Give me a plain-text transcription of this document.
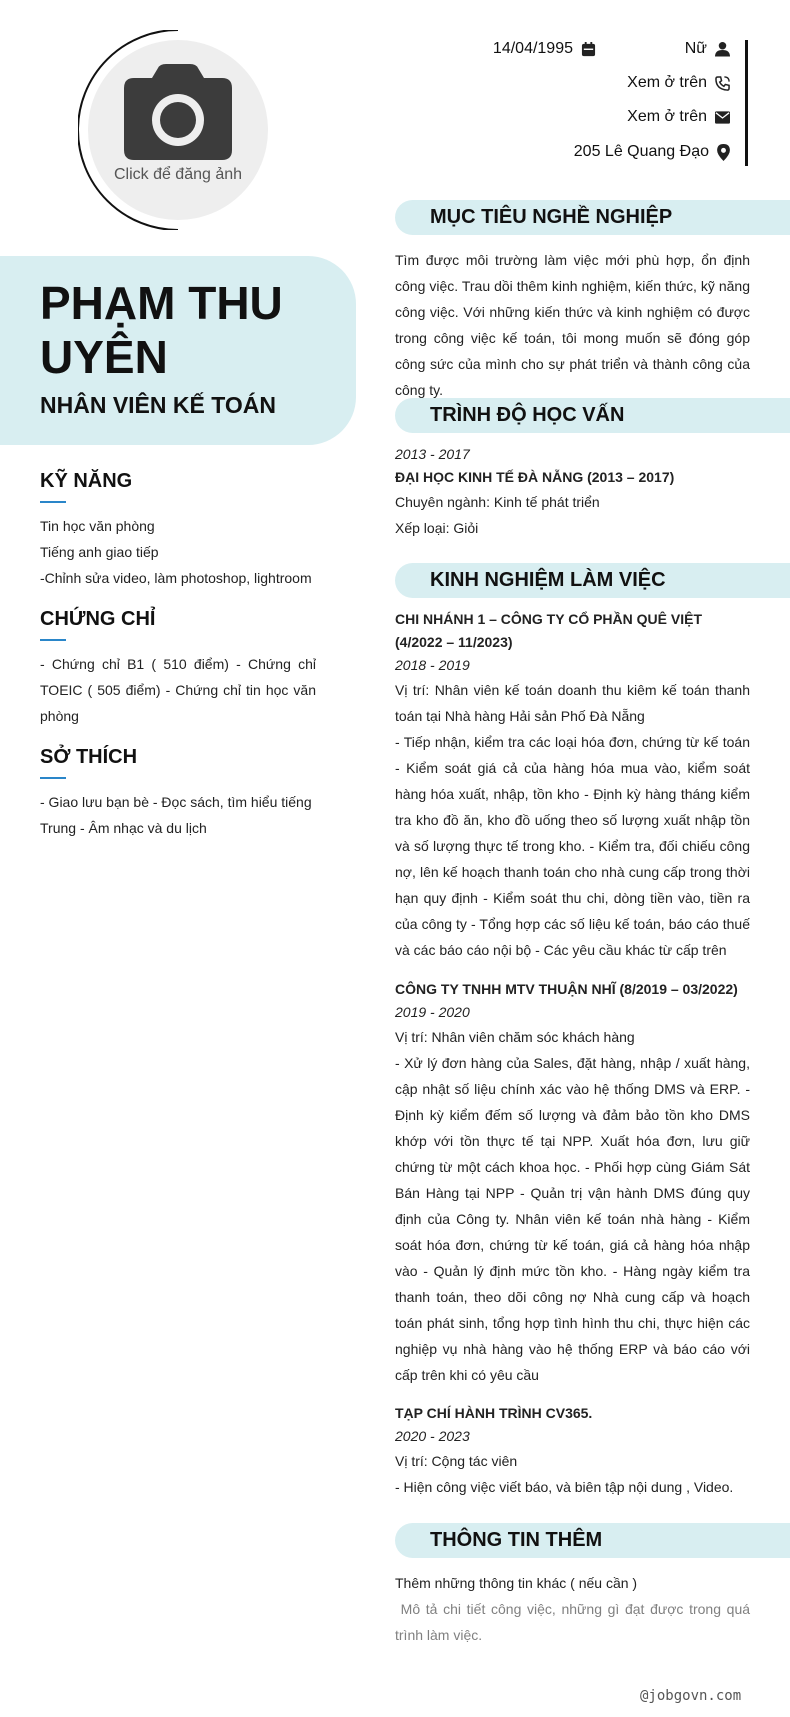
Click để đăng ảnh
PHẠM THU UYÊN
NHÂN VIÊN KẾ TOÁN
KỸ NĂNG
Tin học văn phòng
Tiếng anh giao tiếp
-Chỉnh sửa video, làm photoshop, lightroom
CHỨNG CHỈ
- Chứng chỉ B1 ( 510 điểm) - Chứng chỉ TOEIC ( 505 điểm) - Chứng chỉ tin học văn phòng
SỞ THÍCH
- Giao lưu bạn bè - Đọc sách, tìm hiểu tiếng Trung - Âm nhạc và du lịch
14/04/1995	Nữ
Xem ở trên
Xem ở trên
205 Lê Quang Đạo
MỤC TIÊU NGHỀ NGHIỆP
Tìm được môi trường làm việc mới phù hợp, ổn định công việc. Trau dồi thêm kinh nghiệm, kiến thức, kỹ năng công việc. Với những kiến thức và kinh nghiệm có được trong công việc kế toán, tôi mong muốn sẽ đóng góp công sức của mình cho sự phát triển và thành công của công ty.
TRÌNH ĐỘ HỌC VẤN
2013 - 2017
ĐẠI HỌC KINH TẾ ĐÀ NẴNG (2013 – 2017)
Chuyên ngành: Kinh tế phát triển
Xếp loại: Giỏi
KINH NGHIỆM LÀM VIỆC
CHI NHÁNH 1 – CÔNG TY CỔ PHẦN QUÊ VIỆT (4/2022 – 11/2023)
2018 - 2019
Vị trí: Nhân viên kế toán doanh thu kiêm kế toán thanh toán tại Nhà hàng Hải sản Phố Đà Nẵng
- Tiếp nhận, kiểm tra các loại hóa đơn, chứng từ kế toán - Kiểm soát giá cả của hàng hóa mua vào, kiểm soát hàng hóa xuất, nhập, tồn kho - Định kỳ hàng tháng kiểm tra kho đồ ăn, kho đồ uống theo số lượng xuất nhập tồn và số lượng thực tế trong kho. - Kiểm tra, đối chiếu công nợ, lên kế hoạch thanh toán cho nhà cung cấp trong thời hạn quy định - Kiểm soát thu chi, dòng tiền vào, tiền ra của công ty - Tổng hợp các số liệu kế toán, báo cáo thuế và các báo cáo nội bộ - Các yêu cầu khác từ cấp trên
CÔNG TY TNHH MTV THUẬN NHĨ (8/2019 – 03/2022)
2019 - 2020
Vị trí: Nhân viên chăm sóc khách hàng
- Xử lý đơn hàng của Sales, đặt hàng, nhập / xuất hàng, cập nhật số liệu chính xác vào hệ thống DMS và ERP. - Định kỳ kiểm đếm số lượng và đảm bảo tồn kho DMS khớp với tồn thực tế tại NPP. Xuất hóa đơn, lưu giữ chứng từ một cách khoa học. - Phối hợp cùng Giám Sát Bán Hàng tại NPP - Quản trị vận hành DMS đúng quy định của Công ty. Nhân viên kế toán nhà hàng - Kiểm soát hóa đơn, chứng từ kế toán, giá cả hàng hóa nhập vào - Quản lý định mức tồn kho. - Hàng ngày kiểm tra thanh toán, theo dõi công nợ Nhà cung cấp và hoạch toán phát sinh, tổng hợp tình hình thu chi, thực hiện các nghiệp vụ nhà hàng vào hệ thống ERP và báo cáo với cấp trên khi có yêu cầu
TẠP CHÍ HÀNH TRÌNH CV365.
2020 - 2023
Vị trí: Cộng tác viên
- Hiện công việc viết báo, và biên tập nội dung , Video.
THÔNG TIN THÊM
Thêm những thông tin khác ( nếu cần )
Mô tả chi tiết công việc, những gì đạt được trong quá trình làm việc.
@jobgovn.com
